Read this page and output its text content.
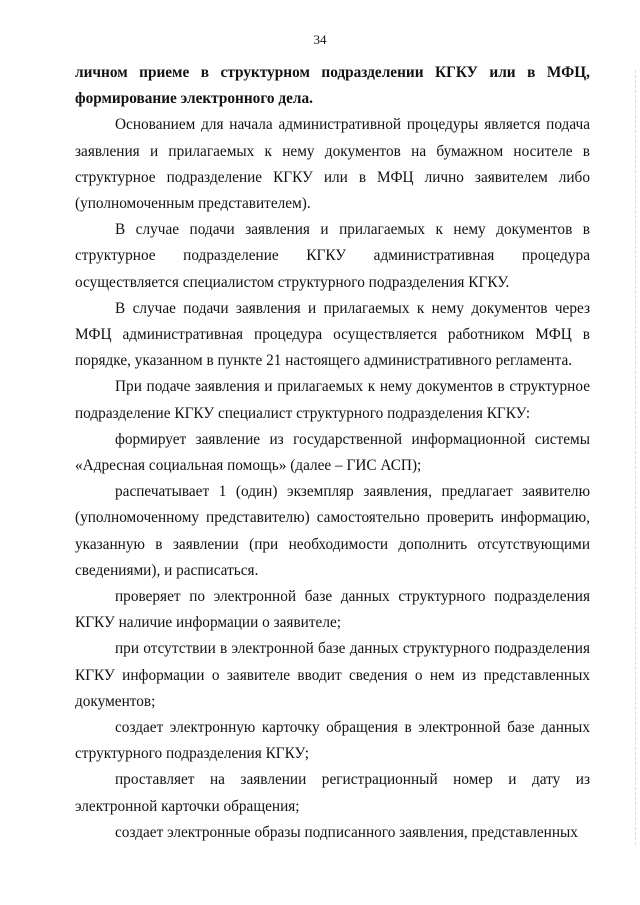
34

личном приеме в структурном подразделении КГКУ или в МФЦ, формирование электронного дела.

Основанием для начала административной процедуры является подача заявления и прилагаемых к нему документов на бумажном носителе в структурное подразделение КГКУ или в МФЦ лично заявителем либо (уполномоченным представителем).

В случае подачи заявления и прилагаемых к нему документов в структурное подразделение КГКУ административная процедура осуществляется специалистом структурного подразделения КГКУ.

В случае подачи заявления и прилагаемых к нему документов через МФЦ административная процедура осуществляется работником МФЦ в порядке, указанном в пункте 21 настоящего административного регламента.

При подаче заявления и прилагаемых к нему документов в структурное подразделение КГКУ специалист структурного подразделения КГКУ:

формирует заявление из государственной информационной системы «Адресная социальная помощь» (далее – ГИС АСП);

распечатывает 1 (один) экземпляр заявления, предлагает заявителю (уполномоченному представителю) самостоятельно проверить информацию, указанную в заявлении (при необходимости дополнить отсутствующими сведениями), и расписаться.

проверяет по электронной базе данных структурного подразделения КГКУ наличие информации о заявителе;

при отсутствии в электронной базе данных структурного подразделения КГКУ информации о заявителе вводит сведения о нем из представленных документов;

создает электронную карточку обращения в электронной базе данных структурного подразделения КГКУ;

проставляет на заявлении регистрационный номер и дату из электронной карточки обращения;

создает электронные образы подписанного заявления, представленных
